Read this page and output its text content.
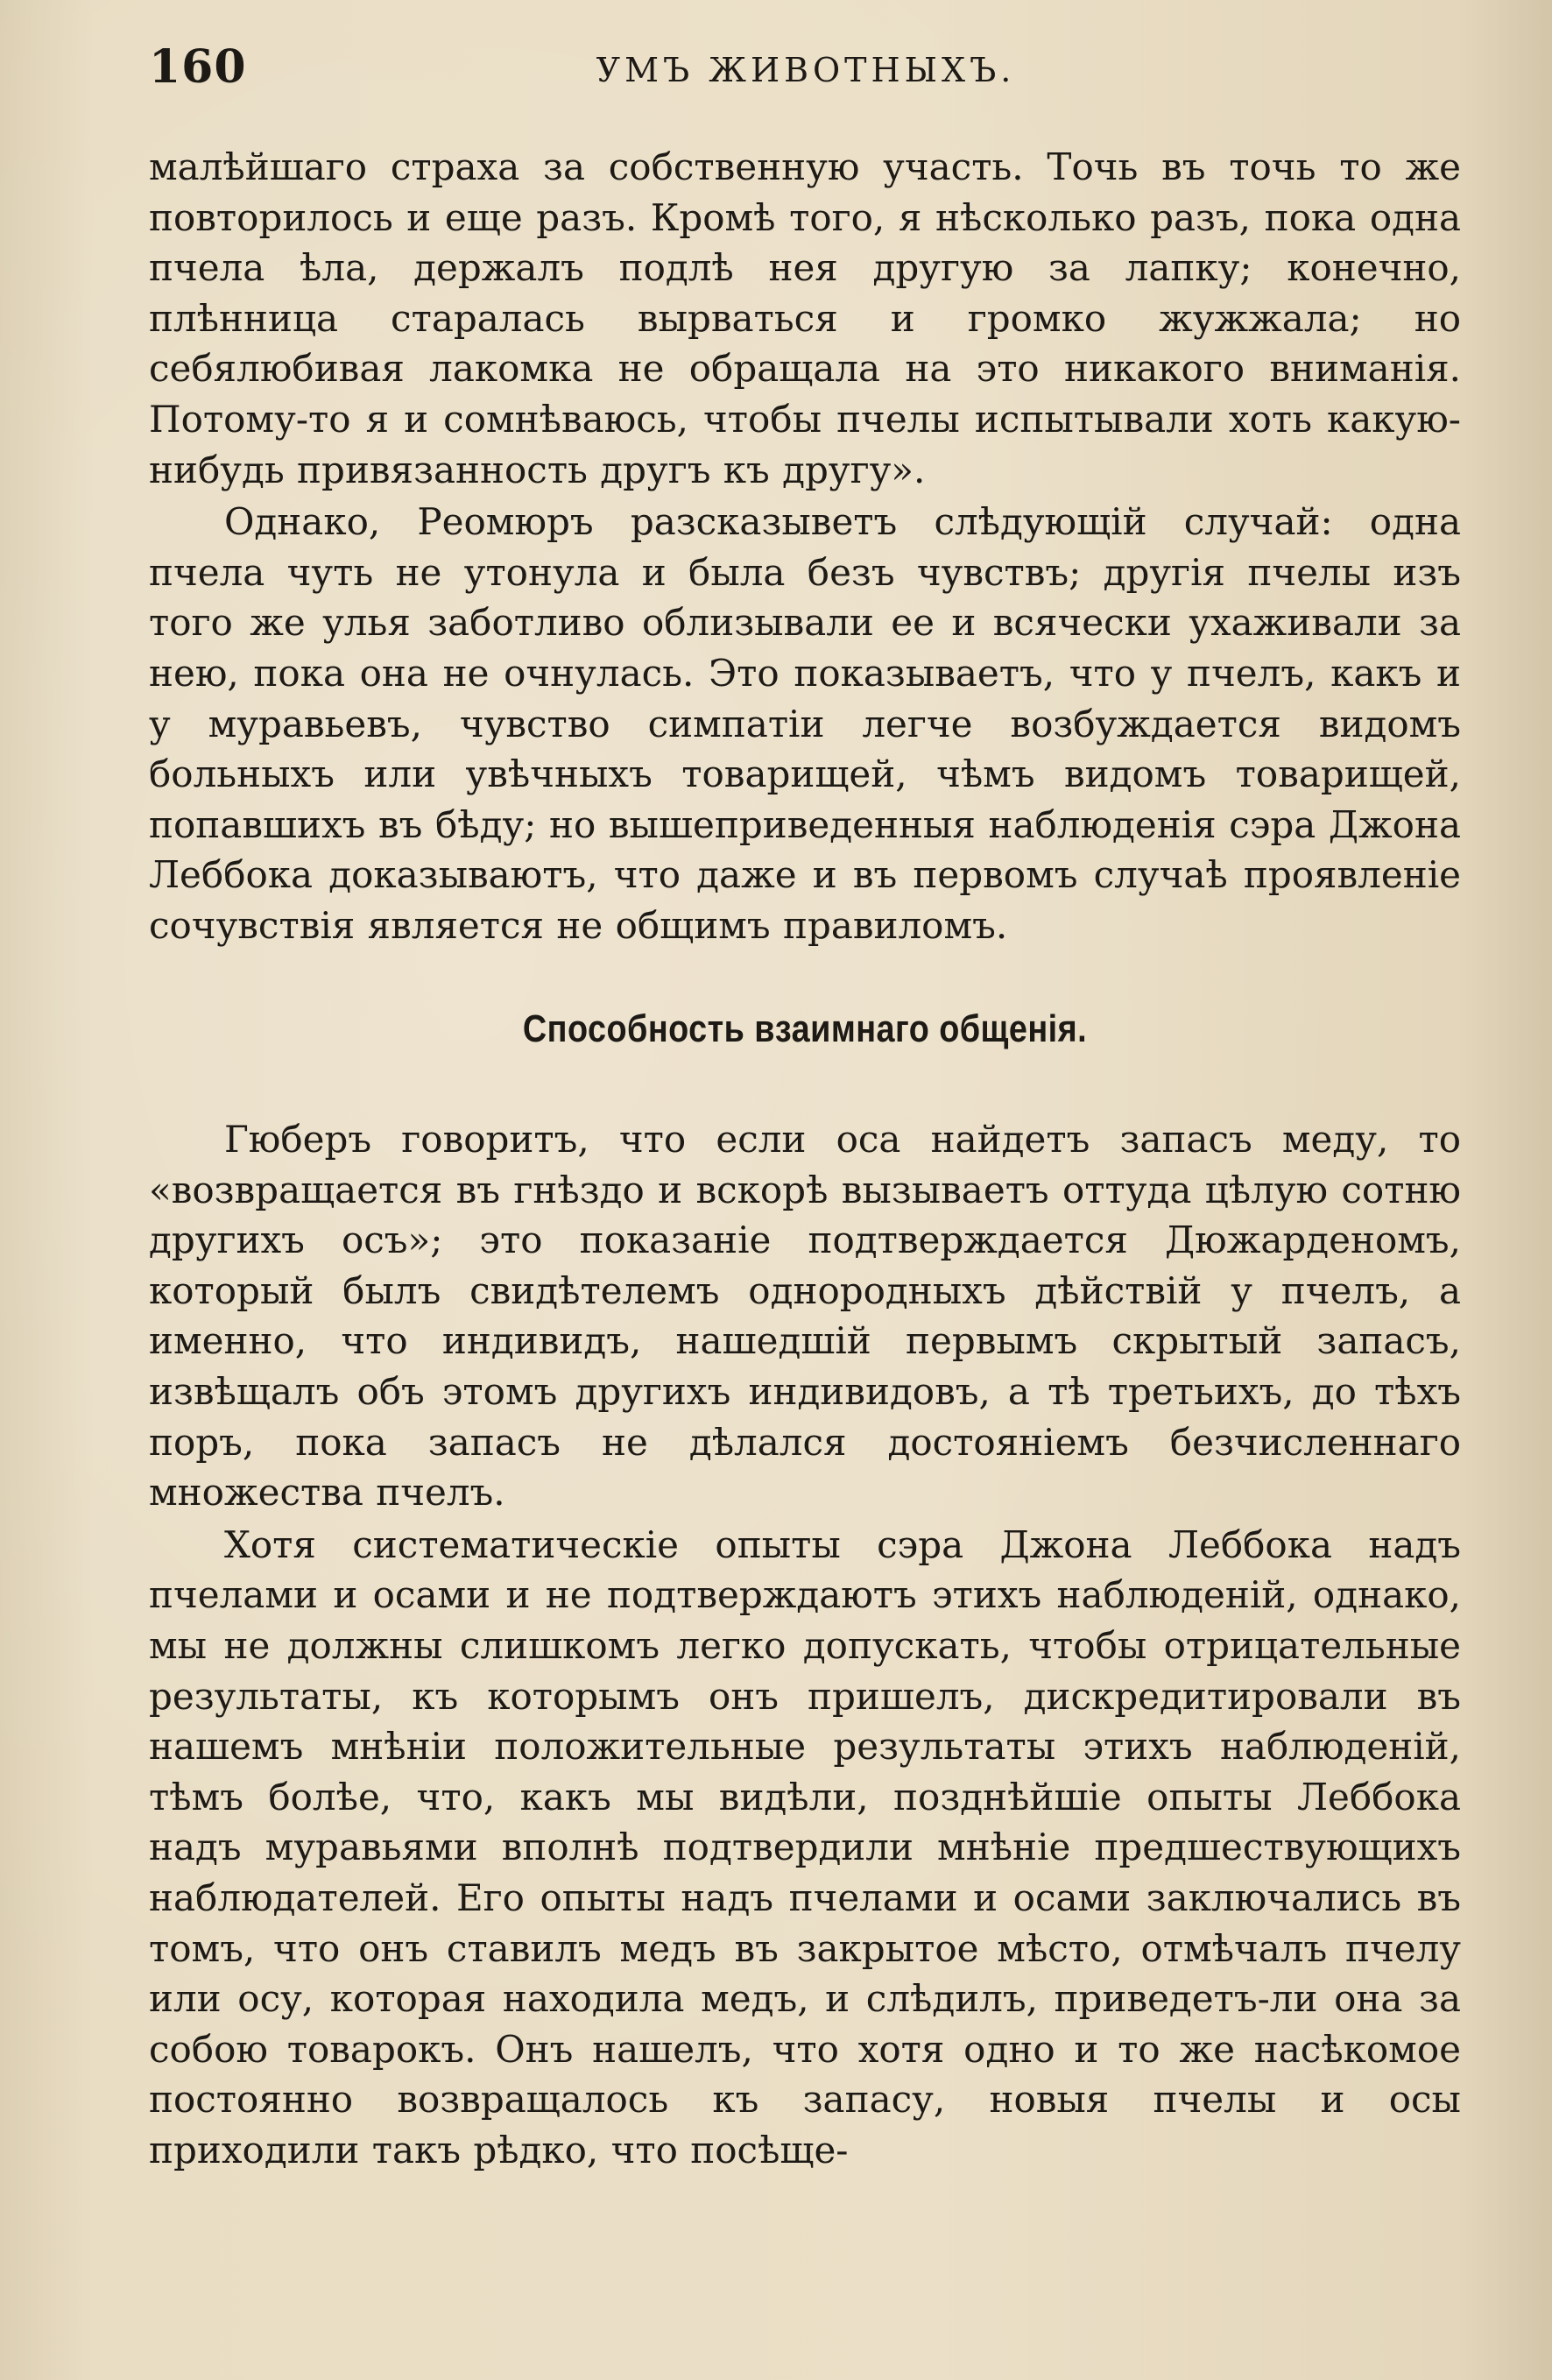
160	УМЪ ЖИВОТНЫХЪ.

малѣйшаго страха за собственную участь. Точь въ точь то же повторилось и еще разъ. Кромѣ того, я нѣсколько разъ, пока одна пчела ѣла, держалъ подлѣ нея другую за лапку; конечно, плѣнница старалась вырваться и громко жужжала; но себялюбивая лакомка не обращала на это никакого вниманія. Потому-то я и сомнѣваюсь, чтобы пчелы испытывали хоть какую-нибудь привязанность другъ къ другу».

Однако, Реомюръ разсказыветъ слѣдующій случай: одна пчела чуть не утонула и была безъ чувствъ; другія пчелы изъ того же улья заботливо облизывали ее и всячески ухаживали за нею, пока она не очнулась. Это показываетъ, что у пчелъ, какъ и у муравьевъ, чувство симпатіи легче возбуждается видомъ больныхъ или увѣчныхъ товарищей, чѣмъ видомъ товарищей, попавшихъ въ бѣду; но вышеприведенныя наблюденія сэра Джона Леббока доказываютъ, что даже и въ первомъ случаѣ проявленіе сочувствія является не общимъ правиломъ.

Способность взаимнаго общенія.

Гюберъ говоритъ, что если оса найдетъ запасъ меду, то «возвращается въ гнѣздо и вскорѣ вызываетъ оттуда цѣлую сотню другихъ осъ»; это показаніе подтверждается Дюжарденомъ, который былъ свидѣтелемъ однородныхъ дѣйствій у пчелъ, а именно, что индивидъ, нашедшій первымъ скрытый запасъ, извѣщалъ объ этомъ другихъ индивидовъ, а тѣ третьихъ, до тѣхъ поръ, пока запасъ не дѣлался достояніемъ безчисленнаго множества пчелъ.

Хотя систематическіе опыты сэра Джона Леббока надъ пчелами и осами и не подтверждаютъ этихъ наблюденій, однако, мы не должны слишкомъ легко допускать, чтобы отрицательные результаты, къ которымъ онъ пришелъ, дискредитировали въ нашемъ мнѣніи положительные результаты этихъ наблюденій, тѣмъ болѣе, что, какъ мы видѣли, позднѣйшіе опыты Леббока надъ муравьями вполнѣ подтвердили мнѣніе предшествующихъ наблюдателей. Его опыты надъ пчелами и осами заключались въ томъ, что онъ ставилъ медъ въ закрытое мѣсто, отмѣчалъ пчелу или осу, которая находила медъ, и слѣдилъ, приведетъ-ли она за собою товарокъ. Онъ нашелъ, что хотя одно и то же насѣкомое постоянно возвращалось къ запасу, новыя пчелы и осы приходили такъ рѣдко, что посѣще-
